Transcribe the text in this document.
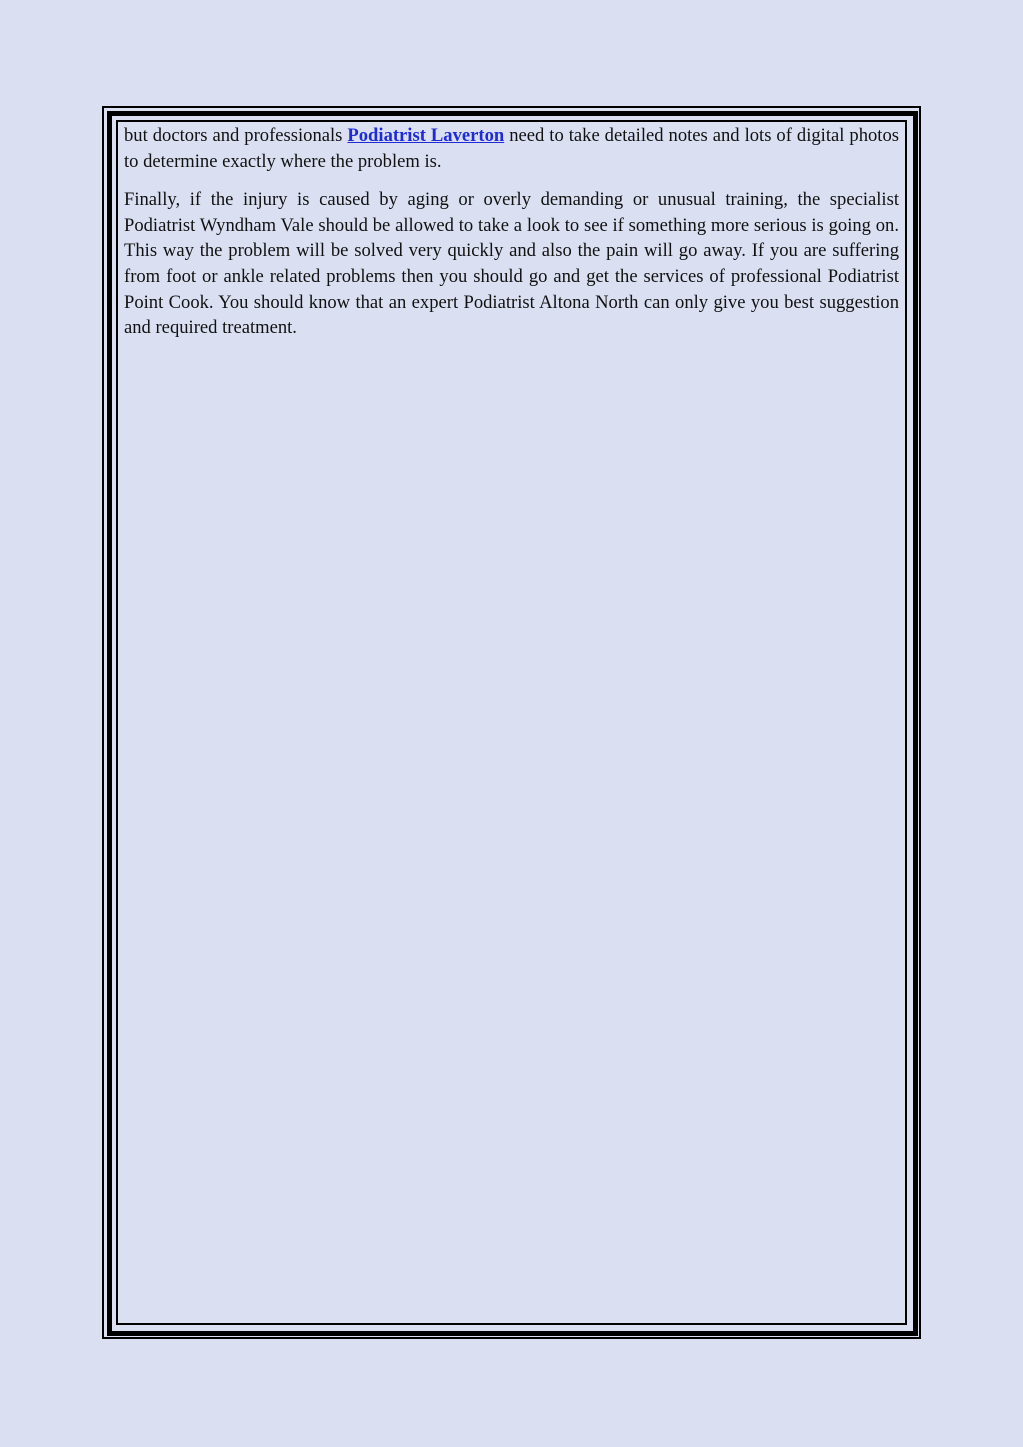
but doctors and professionals Podiatrist Laverton need to take detailed notes and lots of digital photos to determine exactly where the problem is.

Finally, if the injury is caused by aging or overly demanding or unusual training, the specialist Podiatrist Wyndham Vale should be allowed to take a look to see if something more serious is going on. This way the problem will be solved very quickly and also the pain will go away. If you are suffering from foot or ankle related problems then you should go and get the services of professional Podiatrist Point Cook. You should know that an expert Podiatrist Altona North can only give you best suggestion and required treatment.
